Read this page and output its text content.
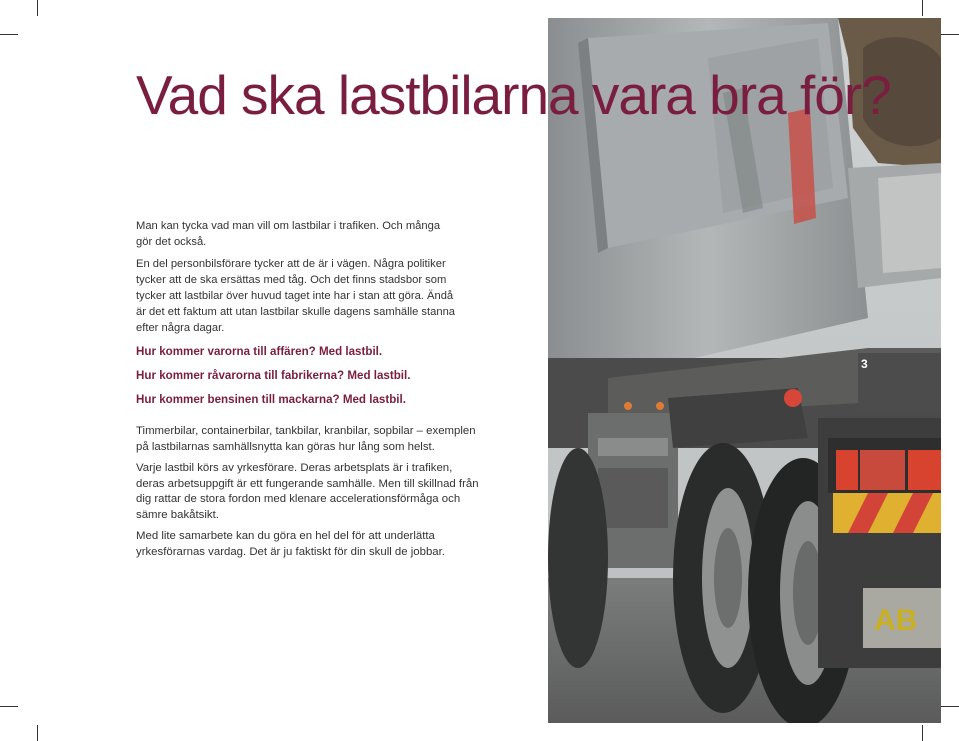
AB
Vad ska lastbilarna vara bra för?

Man kan tycka vad man vill om lastbilar i trafiken. Och många gör det också.

En del personbilsförare tycker att de är i vägen. Några politiker tycker att de ska ersättas med tåg. Och det finns stadsbor som tycker att lastbilar över huvud taget inte har i stan att göra. Ändå är det ett faktum att utan lastbilar skulle dagens samhälle stanna efter några dagar.

Hur kommer varorna till affären? Med lastbil.

Hur kommer råvarorna till fabrikerna? Med lastbil.

Hur kommer bensinen till mackarna? Med lastbil.

Timmerbilar, containerbilar, tankbilar, kranbilar, sopbilar – exemplen på lastbilarnas samhällsnytta kan göras hur lång som helst.

Varje lastbil körs av yrkesförare. Deras arbetsplats är i trafiken, deras arbetsuppgift är ett fungerande samhälle. Men till skillnad från dig rattar de stora fordon med klenare accelerationsförmåga och sämre bakåtsikt.

Med lite samarbete kan du göra en hel del för att underlätta yrkesförarnas vardag. Det är ju faktiskt för din skull de jobbar.

3
